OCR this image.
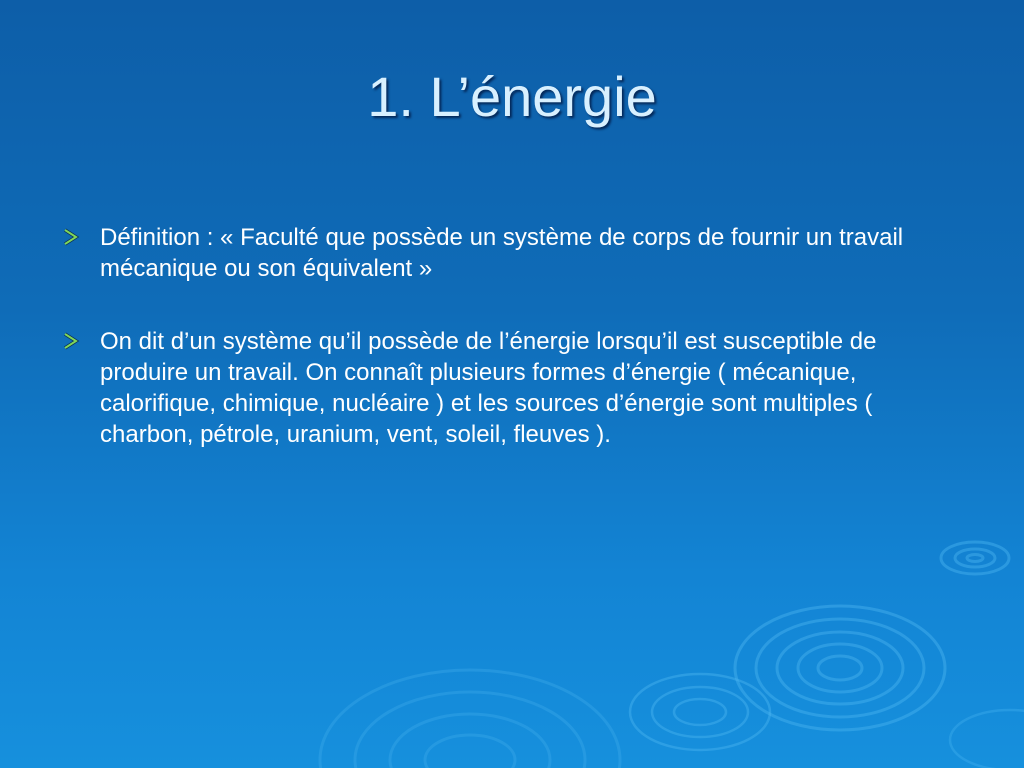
1. L’énergie
Définition : « Faculté que possède un système de corps de fournir un travail mécanique ou son équivalent »
On dit d’un système qu’il possède de l’énergie lorsqu’il est susceptible de produire un travail. On connaît plusieurs formes d’énergie ( mécanique, calorifique, chimique, nucléaire ) et les sources d’énergie sont multiples ( charbon, pétrole, uranium, vent, soleil, fleuves ).
